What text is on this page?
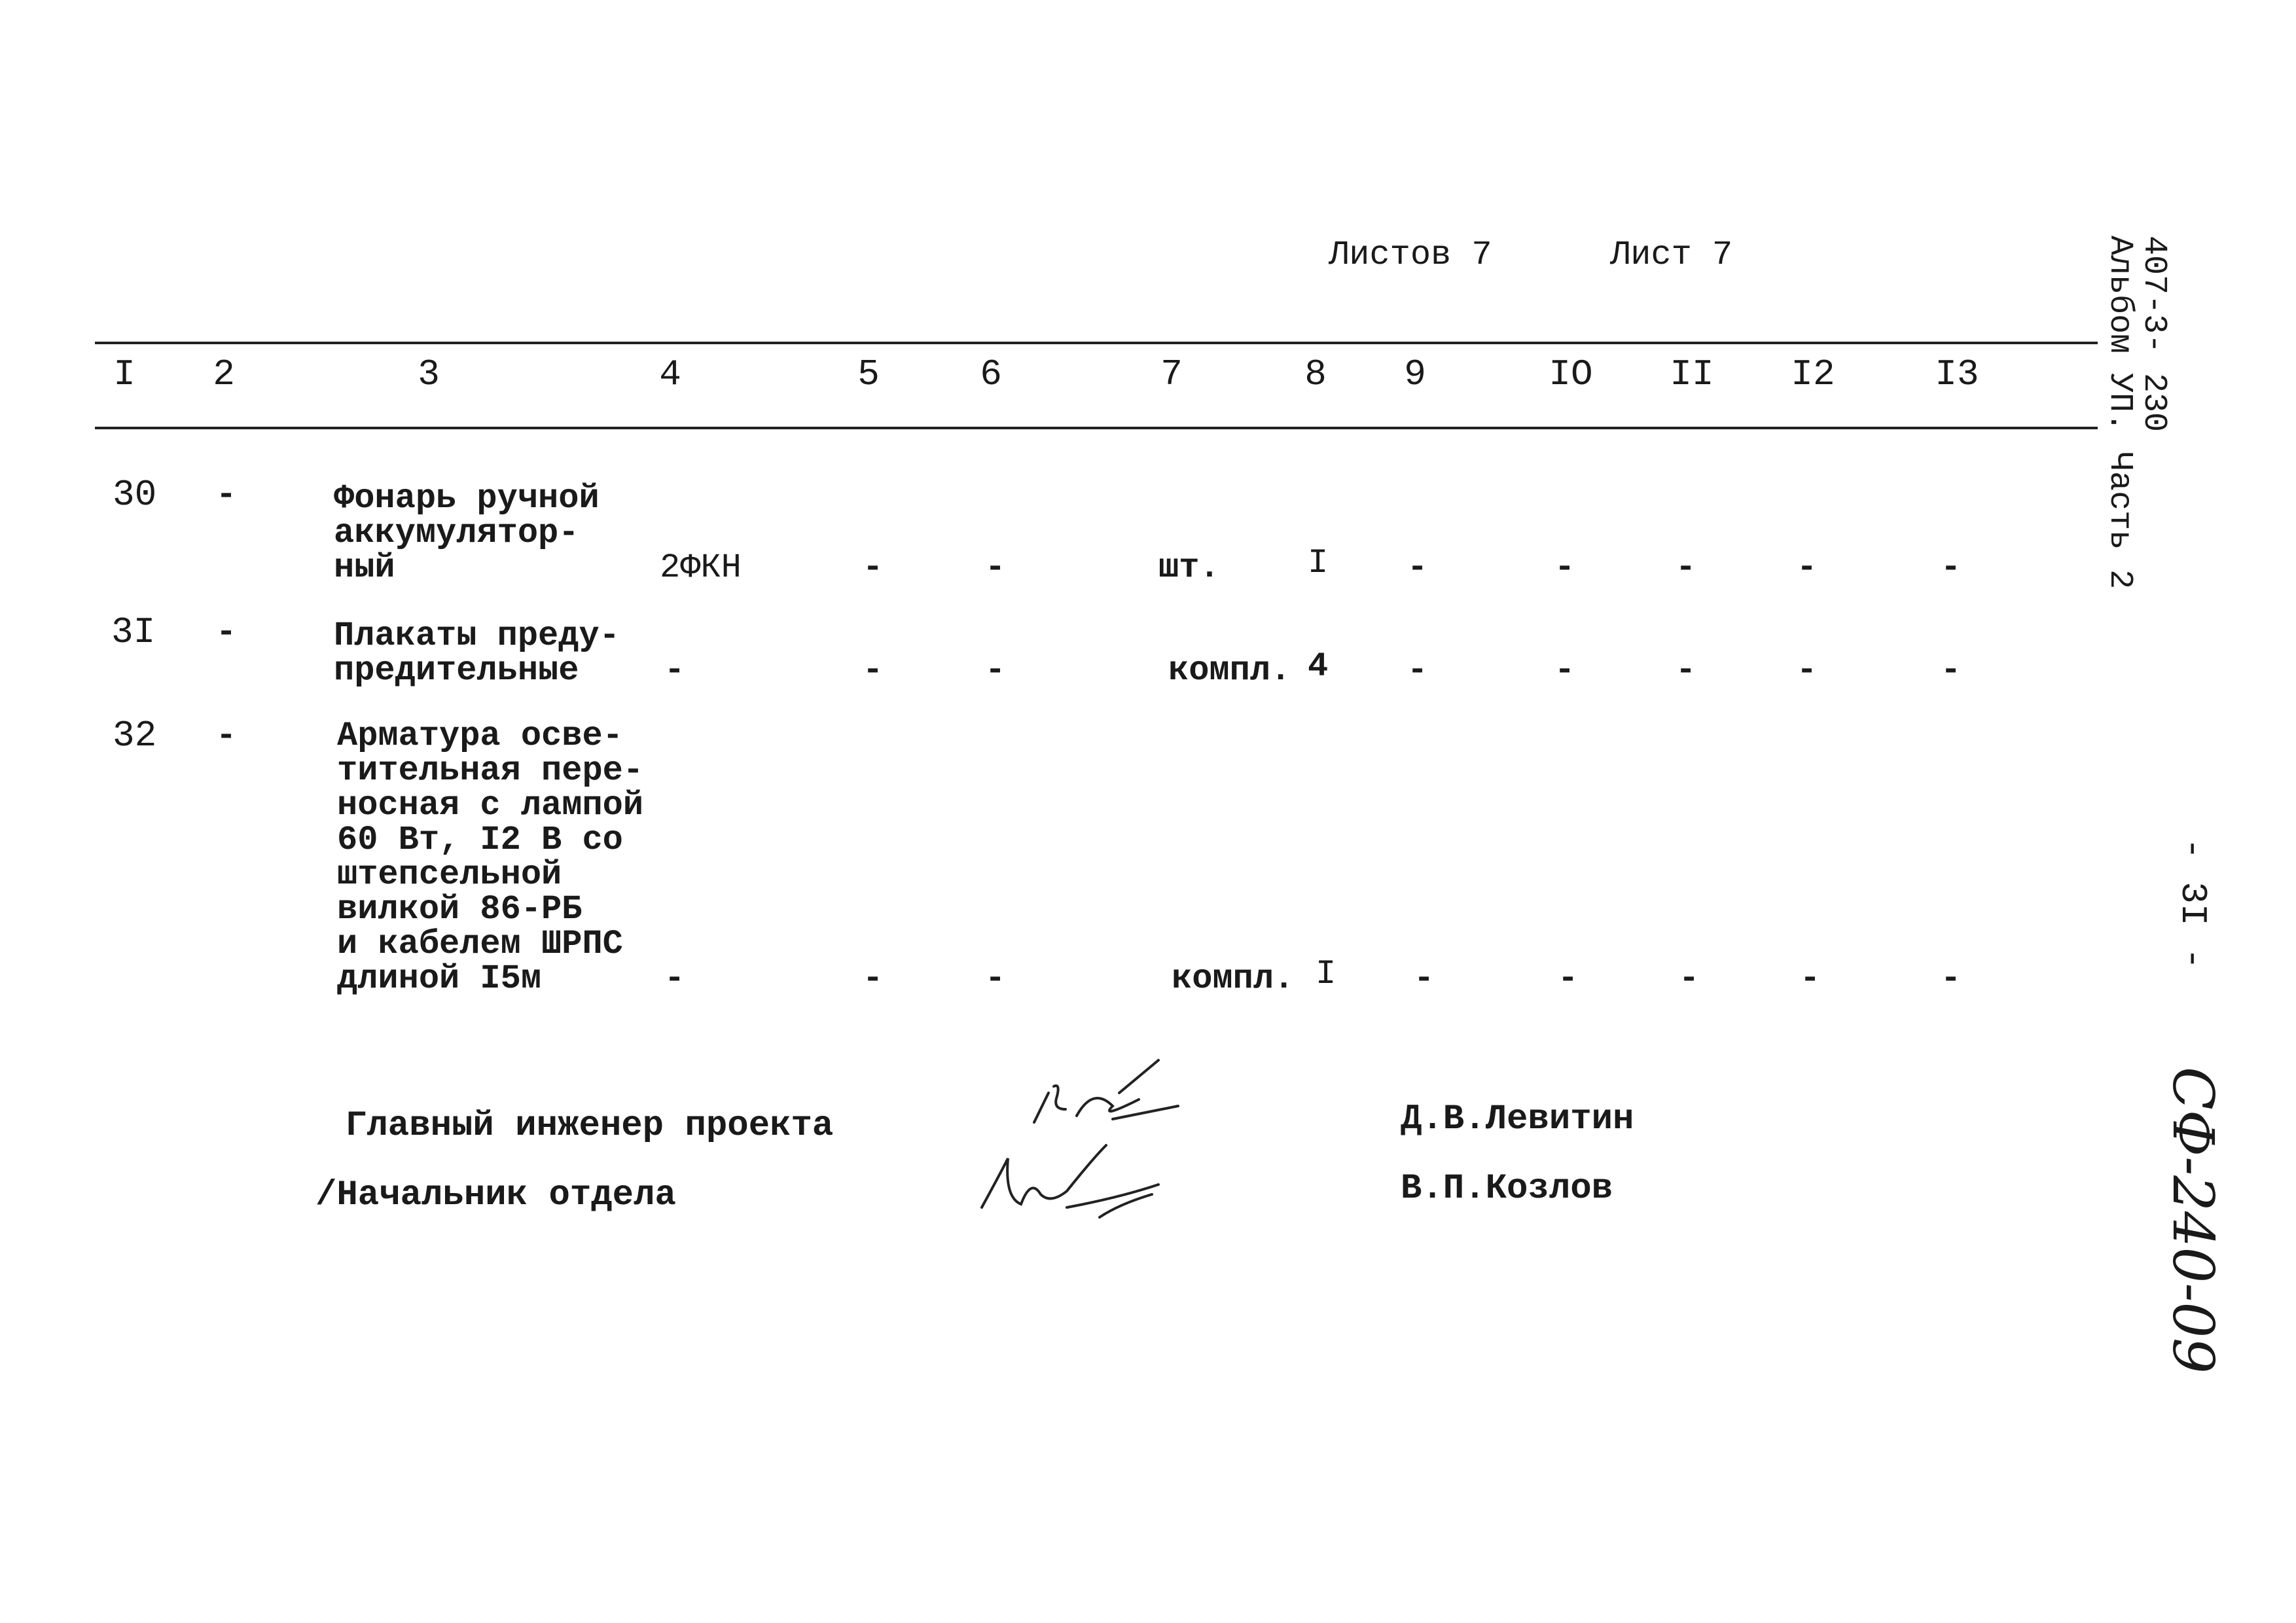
Листов 7	Лист 7
I 2	3	4	5	6	7	8 9	IO II I2	I3
30 -	Фонарь ручной
аккумулятор-
ный	2ФКН	-	-	шт.	I -	-	-	-	-
3I -	Плакаты преду-
предительные	-	-	-	компл. 4 -	-	-	-	-
32 -	Арматура осве-
тительная пере-
носная с лампой
60 Вт, I2 В со
штепсельной
вилкой 86-РБ
и кабелем ШРПС
длиной I5м	-	-	-	компл. I -	-	-	-	-
Главный инженер проекта	Д.В.Левитин
/Начальник отдела	В.П.Козлов
407-3- 230
Альбом УП. Часть 2
- 3I -
СФ-240-09
